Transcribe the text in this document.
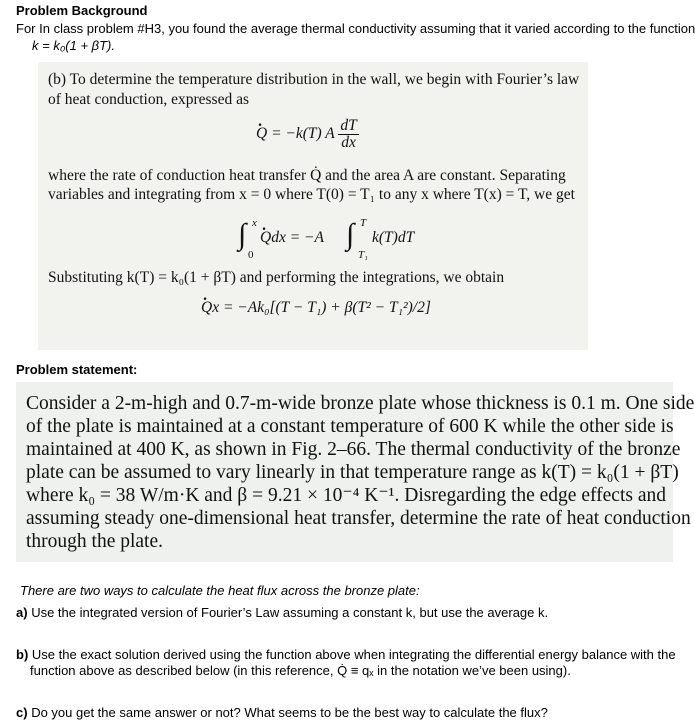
Problem Background
For In class problem #H3, you found the average thermal conductivity assuming that it varied according to the function
k = k₀(1 + βT).
(b) To determine the temperature distribution in the wall, we begin with Fourier’s law
of heat conduction, expressed as
Q · = −k(T) A $\frac{dT}{dx}$
where the rate of conduction heat transfer Q̇ and the area A are constant. Separating
variables and integrating from x = 0 where T(0) = T₁ to any x where T(x) = T, we get
∫ x
0
Q ·dx = −A ∫ T
T₁
k(T)dT
Substituting k(T) = k₀(1 + βT) and performing the integrations, we obtain
Q ·x = −Ak₀[(T − T₁) + β(T² − T₁²)/2]
Problem statement:
Consider a 2-m-high and 0.7-m-wide bronze plate whose thickness is 0.1 m. One side
of the plate is maintained at a constant temperature of 600 K while the other side is
maintained at 400 K, as shown in Fig. 2–66. The thermal conductivity of the bronze
plate can be assumed to vary linearly in that temperature range as k(T) = k₀(1 + βT)
where k₀ = 38 W/m·K and β = 9.21 × 10⁻⁴ K⁻¹. Disregarding the edge effects and
assuming steady one-dimensional heat transfer, determine the rate of heat conduction
through the plate.
There are two ways to calculate the heat flux across the bronze plate:
a) Use the integrated version of Fourier’s Law assuming a constant k, but use the average k.
b) Use the exact solution derived using the function above when integrating the differential energy balance with the
function above as described below (in this reference, Q̇ ≡ qₓ in the notation we’ve been using).
c) Do you get the same answer or not? What seems to be the best way to calculate the flux?
